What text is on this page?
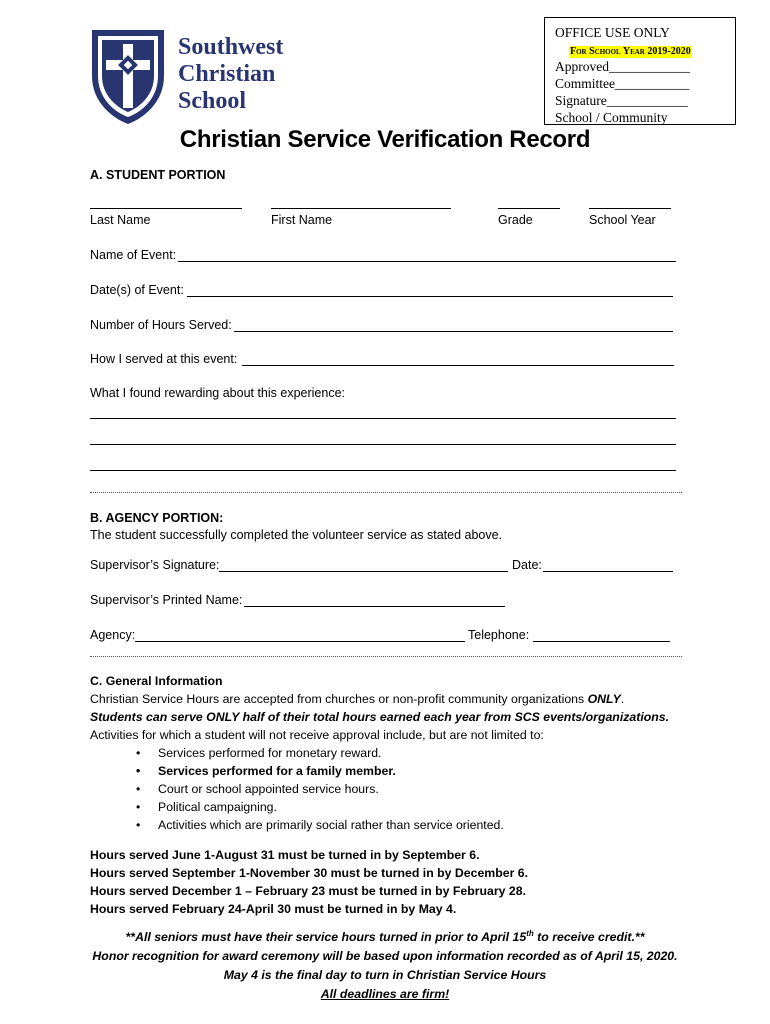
Southwest
Christian
School
OFFICE USE ONLY
For School Year 2019-2020
Approved____________
Committee___________
Signature____________
School / Community
Christian Service Verification Record
A. STUDENT PORTION
Last Name	First Name	Grade	School Year
Name of Event:
Date(s) of Event:
Number of Hours Served:
How I served at this event:
What I found rewarding about this experience:
B. AGENCY PORTION:
The student successfully completed the volunteer service as stated above.
Supervisor’s Signature:	Date:
Supervisor’s Printed Name:
Agency:	Telephone:
C. General Information
Christian Service Hours are accepted from churches or non-profit community organizations ONLY.
Students can serve ONLY half of their total hours earned each year from SCS events/organizations.
Activities for which a student will not receive approval include, but are not limited to:
• Services performed for monetary reward.
• Services performed for a family member.
• Court or school appointed service hours.
• Political campaigning.
• Activities which are primarily social rather than service oriented.
Hours served June 1-August 31 must be turned in by September 6.
Hours served September 1-November 30 must be turned in by December 6.
Hours served December 1 – February 23 must be turned in by February 28.
Hours served February 24-April 30 must be turned in by May 4.
**All seniors must have their service hours turned in prior to April 15th to receive credit.**
Honor recognition for award ceremony will be based upon information recorded as of April 15, 2020.
May 4 is the final day to turn in Christian Service Hours
All deadlines are firm!
